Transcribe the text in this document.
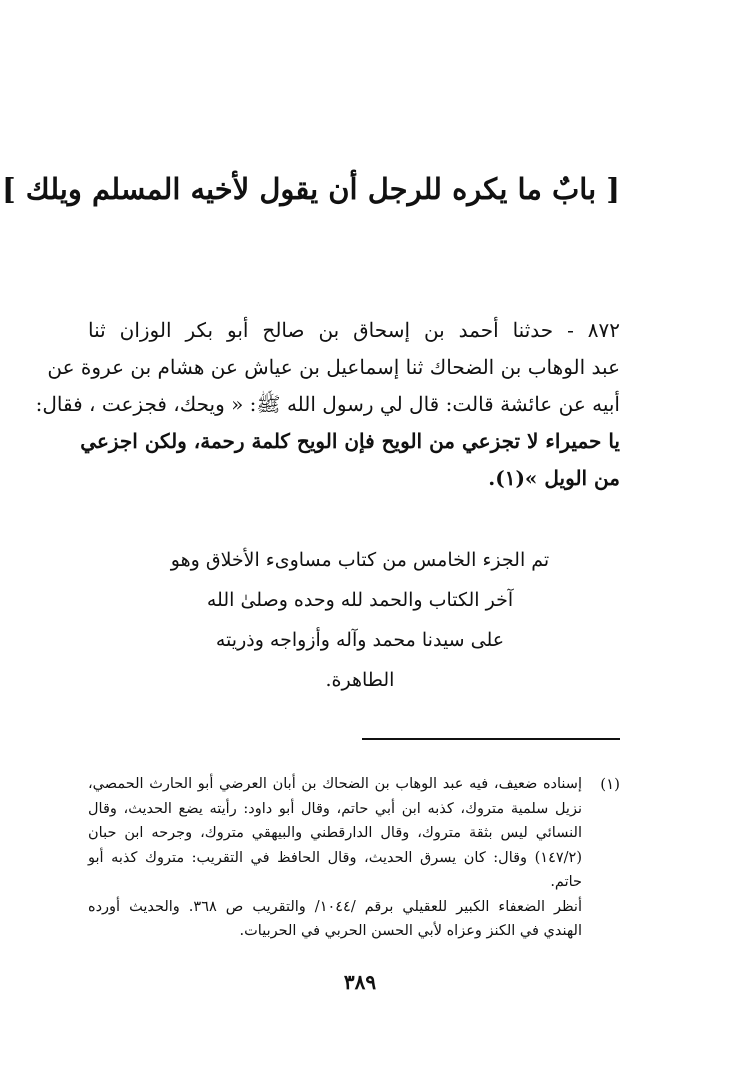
[ بابٌ ما يكره للرجل أن يقول لأخيه المسلم ويلك ]
٨٧٢ - حدثنا أحمد بن إسحاق بن صالح أبو بكر الوزان ثنا
عبد الوهاب بن الضحاك ثنا إسماعيل بن عياش عن هشام بن عروة عن
أبيه عن عائشة قالت: قال لي رسول الله ﷺ: « ويحك، فجزعت ، فقال:
يا حميراء لا تجزعي من الويح فإن الويح كلمة رحمة، ولكن اجزعي
من الويل »(١).
تم الجزء الخامس من كتاب مساوىء الأخلاق وهو
آخر الكتاب والحمد لله وحده وصلىٰ الله
على سيدنا محمد وآله وأزواجه وذريته
الطاهرة.
(١)
إسناده ضعيف، فيه عبد الوهاب بن الضحاك بن أبان العرضي أبو الحارث الحمصي،
نزيل سلمية متروك، كذبه ابن أبي حاتم، وقال أبو داود: رأيته يضع الحديث، وقال
النسائي ليس بثقة متروك، وقال الدارقطني والبيهقي متروك، وجرحه ابن حبان
(١٤٧/٢) وقال: كان يسرق الحديث، وقال الحافظ في التقريب: متروك كذبه أبو
حاتم.
أنظر الضعفاء الكبير للعقيلي برقم /١٠٤٤/ والتقريب ص ٣٦٨. والحديث أورده
الهندي في الكنز وعزاه لأبي الحسن الحربي في الحربيات.
٣٨٩
